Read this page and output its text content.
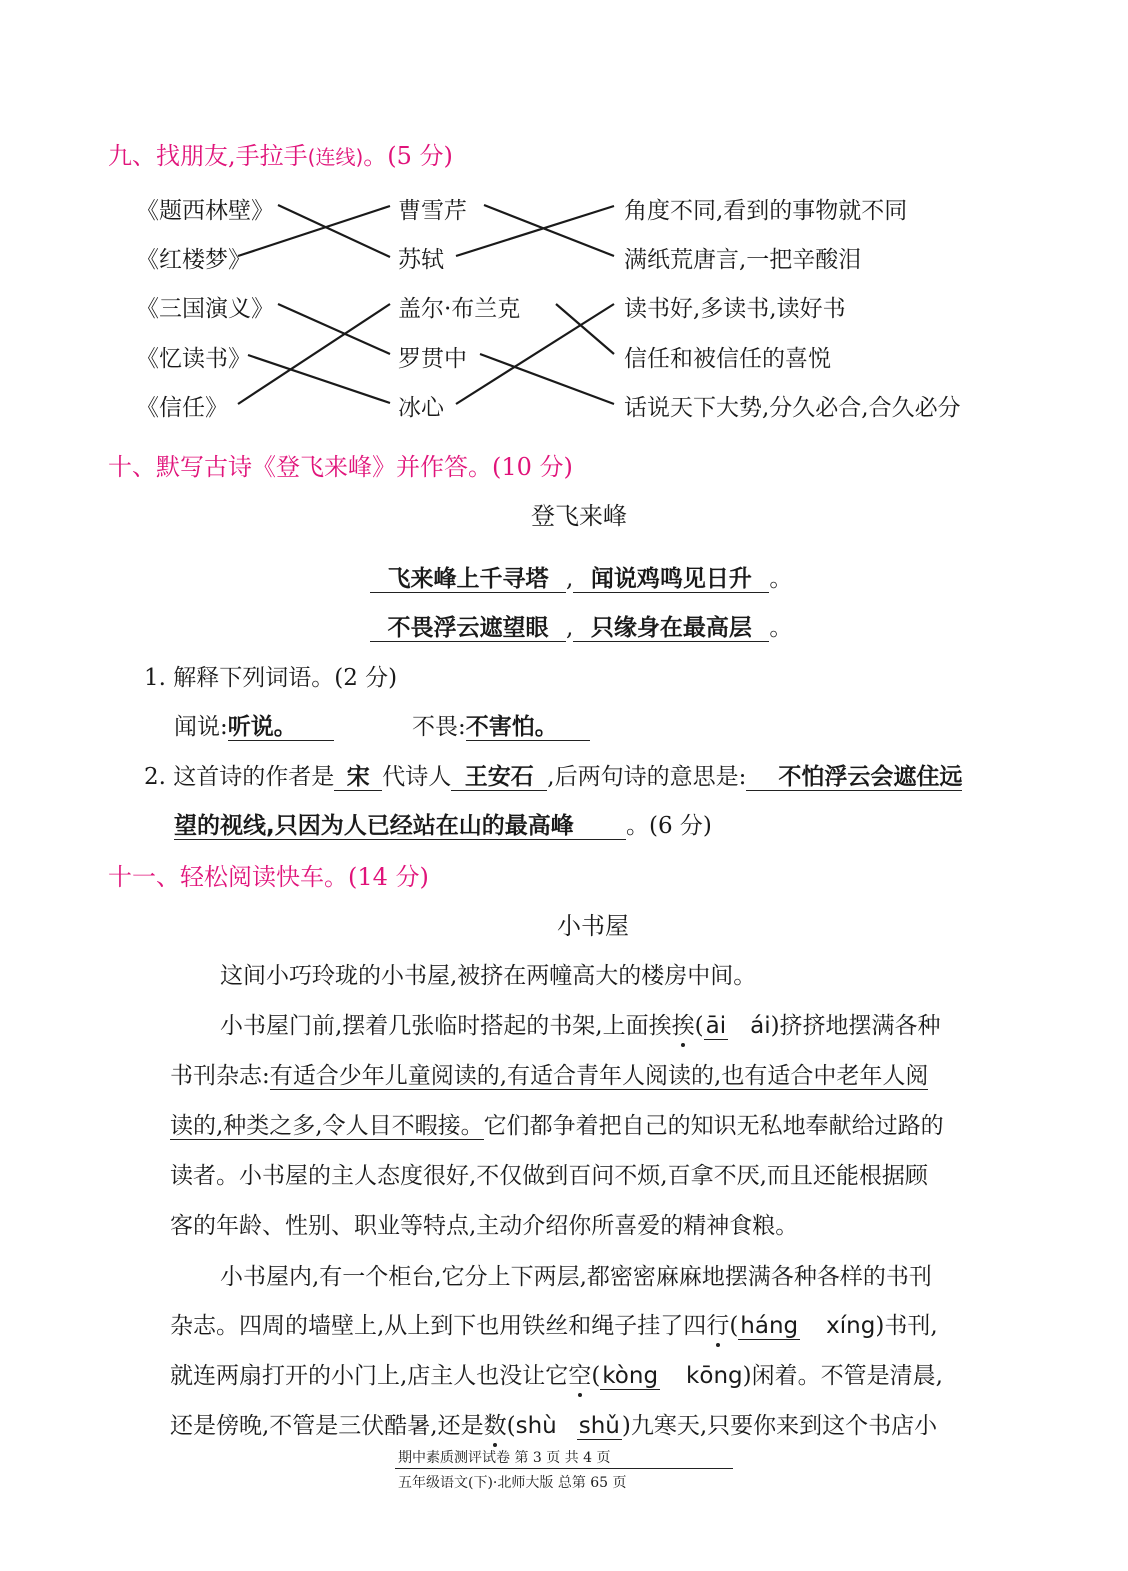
九、找朋友,手拉手(连线)。(5 分)
《题西林壁》
《红楼梦》
《三国演义》
《忆读书》
《信任》
曹雪芹
苏轼
盖尔·布兰克
罗贯中
冰心
角度不同,看到的事物就不同
满纸荒唐言,一把辛酸泪
读书好,多读书,读好书
信任和被信任的喜悦
话说天下大势,分久必合,合久必分
十、默写古诗《登飞来峰》并作答。(10 分)
登飞来峰
飞来峰上千寻塔 , 闻说鸡鸣见日升 。
不畏浮云遮望眼 , 只缘身在最高层 。
1. 解释下列词语。(2 分)
闻说:听说。	不畏:不害怕。
2. 这首诗的作者是 宋 代诗人 王安石 ,后两句诗的意思是: 不怕浮云会遮住远
望的视线,只因为人已经站在山的最高峰 。(6 分)
十一、轻松阅读快车。(14 分)
小书屋
这间小巧玲珑的小书屋,被挤在两幢高大的楼房中间。
小书屋门前,摆着几张临时搭起的书架,上面挨挨(āi ái)挤挤地摆满各种
书刊杂志:有适合少年儿童阅读的,有适合青年人阅读的,也有适合中老年人阅
读的,种类之多,令人目不暇接。它们都争着把自己的知识无私地奉献给过路的
读者。小书屋的主人态度很好,不仅做到百问不烦,百拿不厌,而且还能根据顾
客的年龄、性别、职业等特点,主动介绍你所喜爱的精神食粮。
小书屋内,有一个柜台,它分上下两层,都密密麻麻地摆满各种各样的书刊
杂志。四周的墙壁上,从上到下也用铁丝和绳子挂了四行(háng xíng)书刊,
就连两扇打开的小门上,店主人也没让它空(kòng kōng)闲着。不管是清晨,
还是傍晚,不管是三伏酷暑,还是数(shù shǔ)九寒天,只要你来到这个书店小
期中素质测评试卷 第 3 页 共 4 页
五年级语文(下)·北师大版 总第 65 页
